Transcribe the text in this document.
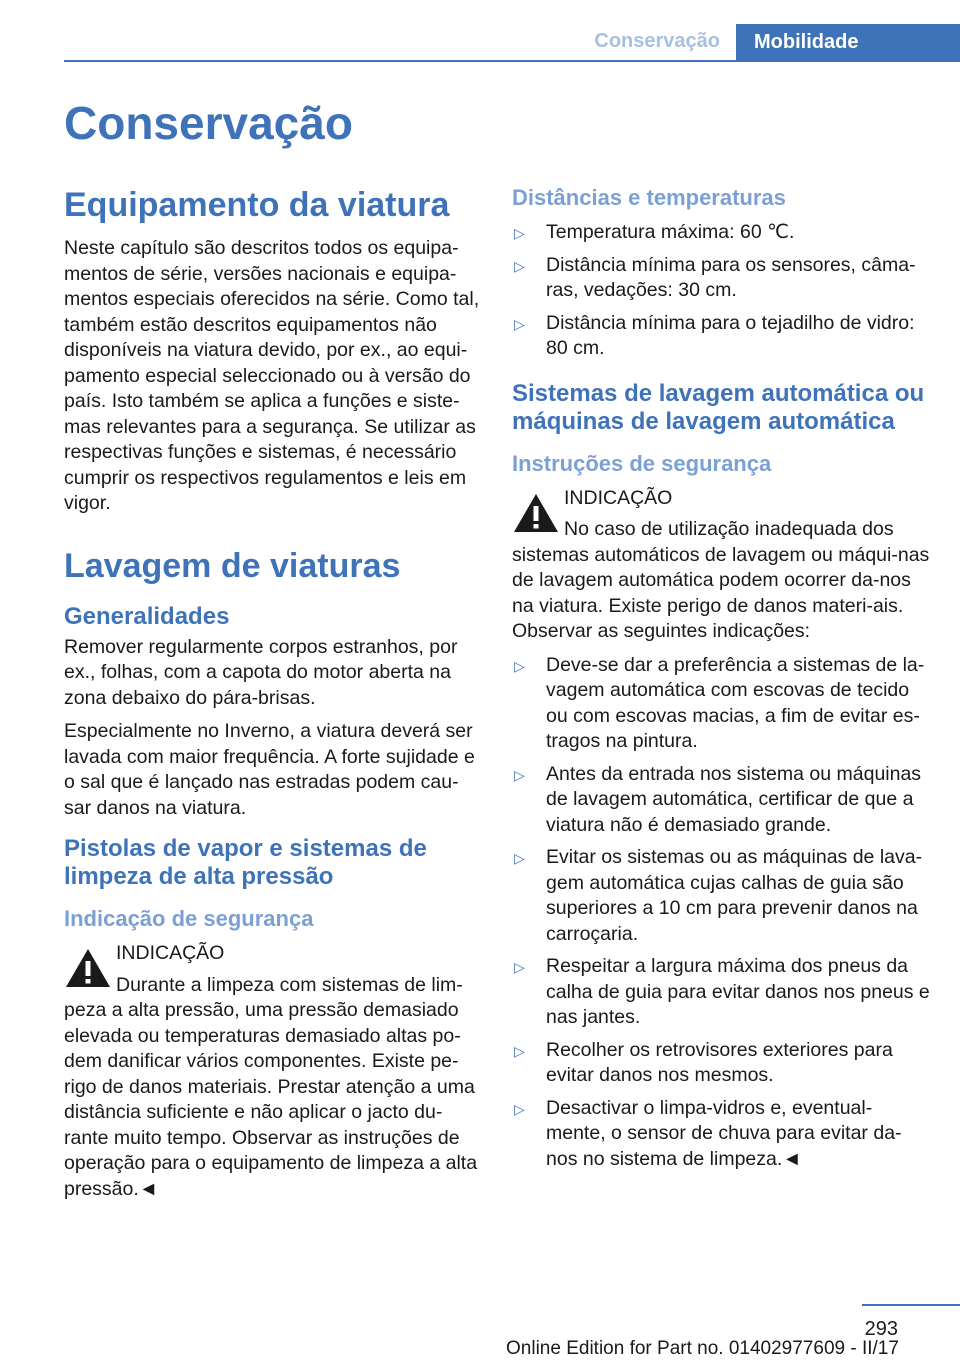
Conservação	Mobilidade
Conservação
Equipamento da viatura

Neste capítulo são descritos todos os equipa-mentos de série, versões nacionais e equipa-mentos especiais oferecidos na série. Como tal, também estão descritos equipamentos não disponíveis na viatura devido, por ex., ao equi-pamento especial seleccionado ou à versão do país. Isto também se aplica a funções e siste-mas relevantes para a segurança. Se utilizar as respectivas funções e sistemas, é necessário cumprir os respectivos regulamentos e leis em vigor.

Lavagem de viaturas
Generalidades

Remover regularmente corpos estranhos, por ex., folhas, com a capota do motor aberta na zona debaixo do pára-brisas.

Especialmente no Inverno, a viatura deverá ser lavada com maior frequência. A forte sujidade e o sal que é lançado nas estradas podem cau-sar danos na viatura.

Pistolas de vapor e sistemas de limpeza de alta pressão
Indicação de segurança
INDICAÇÃO

Durante a limpeza com sistemas de lim-peza a alta pressão, uma pressão demasiado elevada ou temperaturas demasiado altas po-dem danificar vários componentes. Existe pe-rigo de danos materiais. Prestar atenção a uma distância suficiente e não aplicar o jacto du-rante muito tempo. Observar as instruções de operação para o equipamento de limpeza a alta pressão.◄

Distâncias e temperaturas
▷ Temperatura máxima: 60 ℃.
▷ Distância mínima para os sensores, câma-ras, vedações: 30 cm.
▷ Distância mínima para o tejadilho de vidro: 80 cm.
Sistemas de lavagem automática ou máquinas de lavagem automática
Instruções de segurança
INDICAÇÃO

No caso de utilização inadequada dos sistemas automáticos de lavagem ou máqui-nas de lavagem automática podem ocorrer da-nos na viatura. Existe perigo de danos materi-ais. Observar as seguintes indicações:

▷ Deve-se dar a preferência a sistemas de la-vagem automática com escovas de tecido ou com escovas macias, a fim de evitar es-tragos na pintura.
▷ Antes da entrada nos sistema ou máquinas de lavagem automática, certificar de que a viatura não é demasiado grande.
▷ Evitar os sistemas ou as máquinas de lava-gem automática cujas calhas de guia são superiores a 10 cm para prevenir danos na carroçaria.
▷ Respeitar a largura máxima dos pneus da calha de guia para evitar danos nos pneus e nas jantes.
▷ Recolher os retrovisores exteriores para evitar danos nos mesmos.
▷ Desactivar o limpa-vidros e, eventual-mente, o sensor de chuva para evitar da-nos no sistema de limpeza.◄
293
Online Edition for Part no. 01402977609 - II/17
